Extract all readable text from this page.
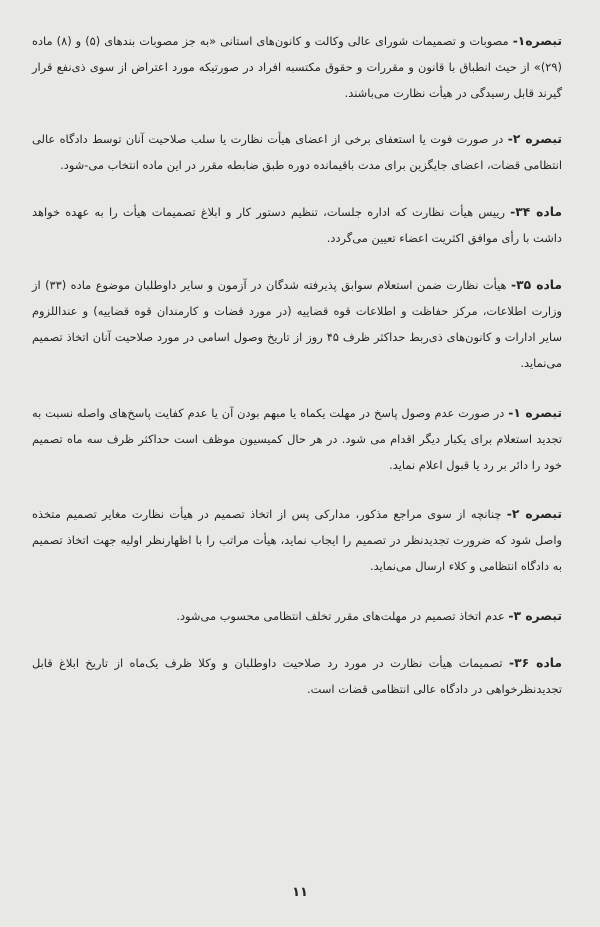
تبصره۱- مصوبات و تصمیمات شورای عالی وکالت و کانون‌های استانی «به جز مصوبات بندهای (۵) و (۸) ماده (۲۹)» از حیث انطباق با قانون و مقررات و حقوق مکتسبه افراد در صورتیکه مورد اعتراض از سوی ذی‌نفع قرار گیرند قابل رسیدگی در هیأت نظارت می‌باشند.

تبصره ۲- در صورت فوت یا استعفای برخی از اعضای هیأت نظارت یا سلب صلاحیت آنان توسط دادگاه عالی انتظامی قضات، اعضای جایگزین برای مدت باقیمانده دوره طبق ضابطه مقرر در این ماده انتخاب می-شود.

ماده ۳۴- رییس هیأت نظارت که اداره جلسات، تنظیم دستور کار و ابلاغ تصمیمات هیأت را به عهده خواهد داشت با رأی موافق اکثریت اعضاء تعیین می‌گردد.

ماده ۳۵- هیأت نظارت ضمن استعلام سوابق پذیرفته شدگان در آزمون و سایر داوطلبان موضوع ماده (۳۳) از وزارت اطلاعات، مرکز حفاظت و اطلاعات قوه قضاییه (در مورد قضات و کارمندان قوه قضاییه) و عنداللزوم سایر ادارات و کانون‌های ذی‌ربط حداکثر ظرف ۴۵ روز از تاریخ وصول اسامی در مورد صلاحیت آنان اتخاذ تصمیم می‌نماید.

تبصره ۱- در صورت عدم وصول پاسخ در مهلت یکماه یا مبهم بودن آن یا عدم کفایت پاسخ‌های واصله نسبت به تجدید استعلام برای یکبار دیگر اقدام می شود. در هر حال کمیسیون موظف است حداکثر ظرف سه ماه تصمیم خود را دائر بر رد یا قبول اعلام نماید.

تبصره ۲- چنانچه از سوی مراجع مذکور، مدارکی پس از اتخاذ تصمیم در هیأت نظارت مغایر تصمیم متخذه واصل شود که ضرورت تجدیدنظر در تصمیم را ایجاب نماید، هیأت مراتب را با اظهارنظر اولیه جهت اتخاذ تصمیم به دادگاه انتظامی و کلاء ارسال می‌نماید.

تبصره ۳- عدم اتخاذ تصمیم در مهلت‌های مقرر تخلف انتظامی محسوب می‌شود.

ماده ۳۶- تصمیمات هیأت نظارت در مورد رد صلاحیت داوطلبان و وکلا ظرف یک‌ماه از تاریخ ابلاغ قابل تجدیدنظرخواهی در دادگاه عالی انتظامی قضات است.

۱۱
